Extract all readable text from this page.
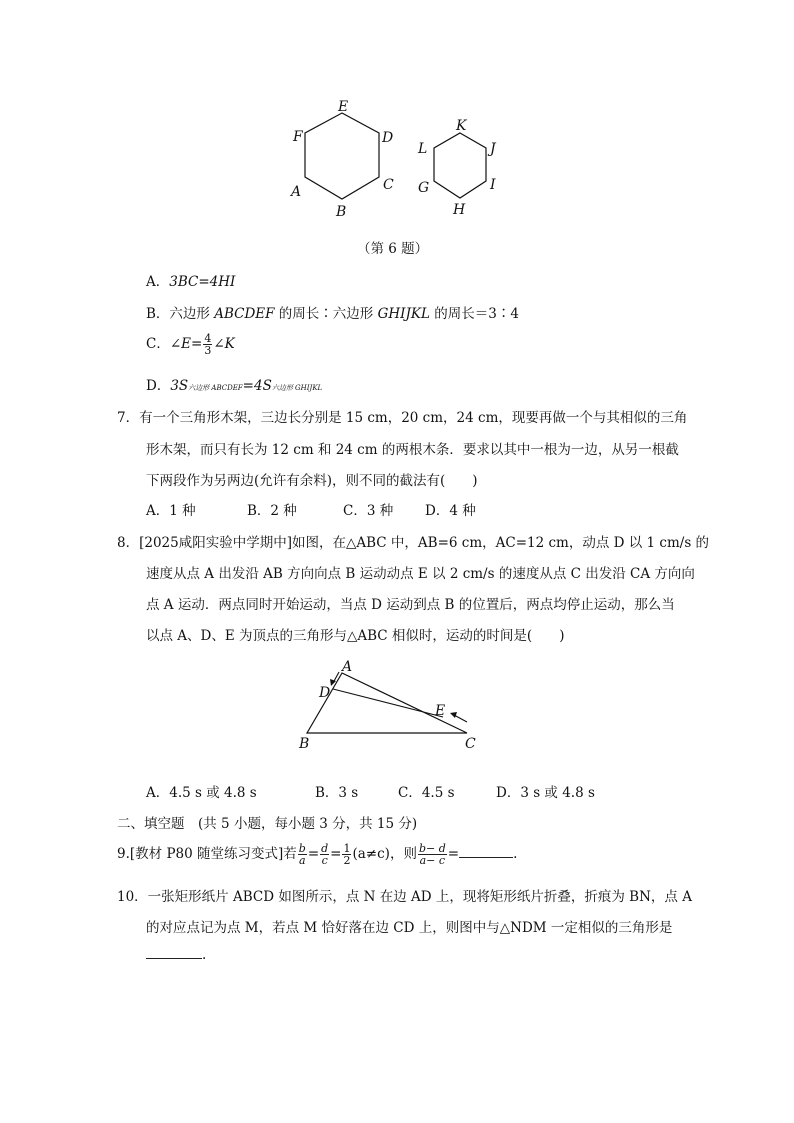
E
D
C
B
A
F
K
J
I
H
G
L
（第 6 题）
A．3BC=4HI
B．六边形 ABCDEF 的周长∶六边形 GHIJKL 的周长＝3∶4
C．∠E= $\frac{4}{3}$ ∠K
D．3S六边形 ABCDEF=4S六边形 GHIJKL
7．有一个三角形木架，三边长分别是 15 cm，20 cm，24 cm，现要再做一个与其相似的三角
形木架，而只有长为 12 cm 和 24 cm 的两根木条．要求以其中一根为一边，从另一根截
下两段作为另两边(允许有余料)，则不同的截法有(　　)
A．1 种	B．2 种	C．3 种 D．4 种
8．[2025咸阳实验中学期中]如图，在△ABC 中，AB=6 cm，AC=12 cm，动点 D 以 1 cm/s 的
速度从点 A 出发沿 AB 方向向点 B 运动动点 E 以 2 cm/s 的速度从点 C 出发沿 CA 方向向
点 A 运动．两点同时开始运动，当点 D 运动到点 B 的位置后，两点均停止运动，那么当
以点 A、D、E 为顶点的三角形与△ABC 相似时，运动的时间是(　　)
A
D
E
B	C
A．4.5 s 或 4.8 s	B．3 s	C．4.5 s	D．3 s 或 4.8 s
二、填空题　(共 5 小题，每小题 3 分，共 15 分)
9.[教材 P80 随堂练习变式]若 $\frac{b}{a} = \frac{d}{c} = \frac{1}{2} (a\ne c)$，则 $\frac{b- d}{a- c}$ =	.
10．一张矩形纸片 ABCD 如图所示，点 N 在边 AD 上，现将矩形纸片折叠，折痕为 BN，点 A
的对应点记为点 M，若点 M 恰好落在边 CD 上，则图中与△NDM 一定相似的三角形是
.
